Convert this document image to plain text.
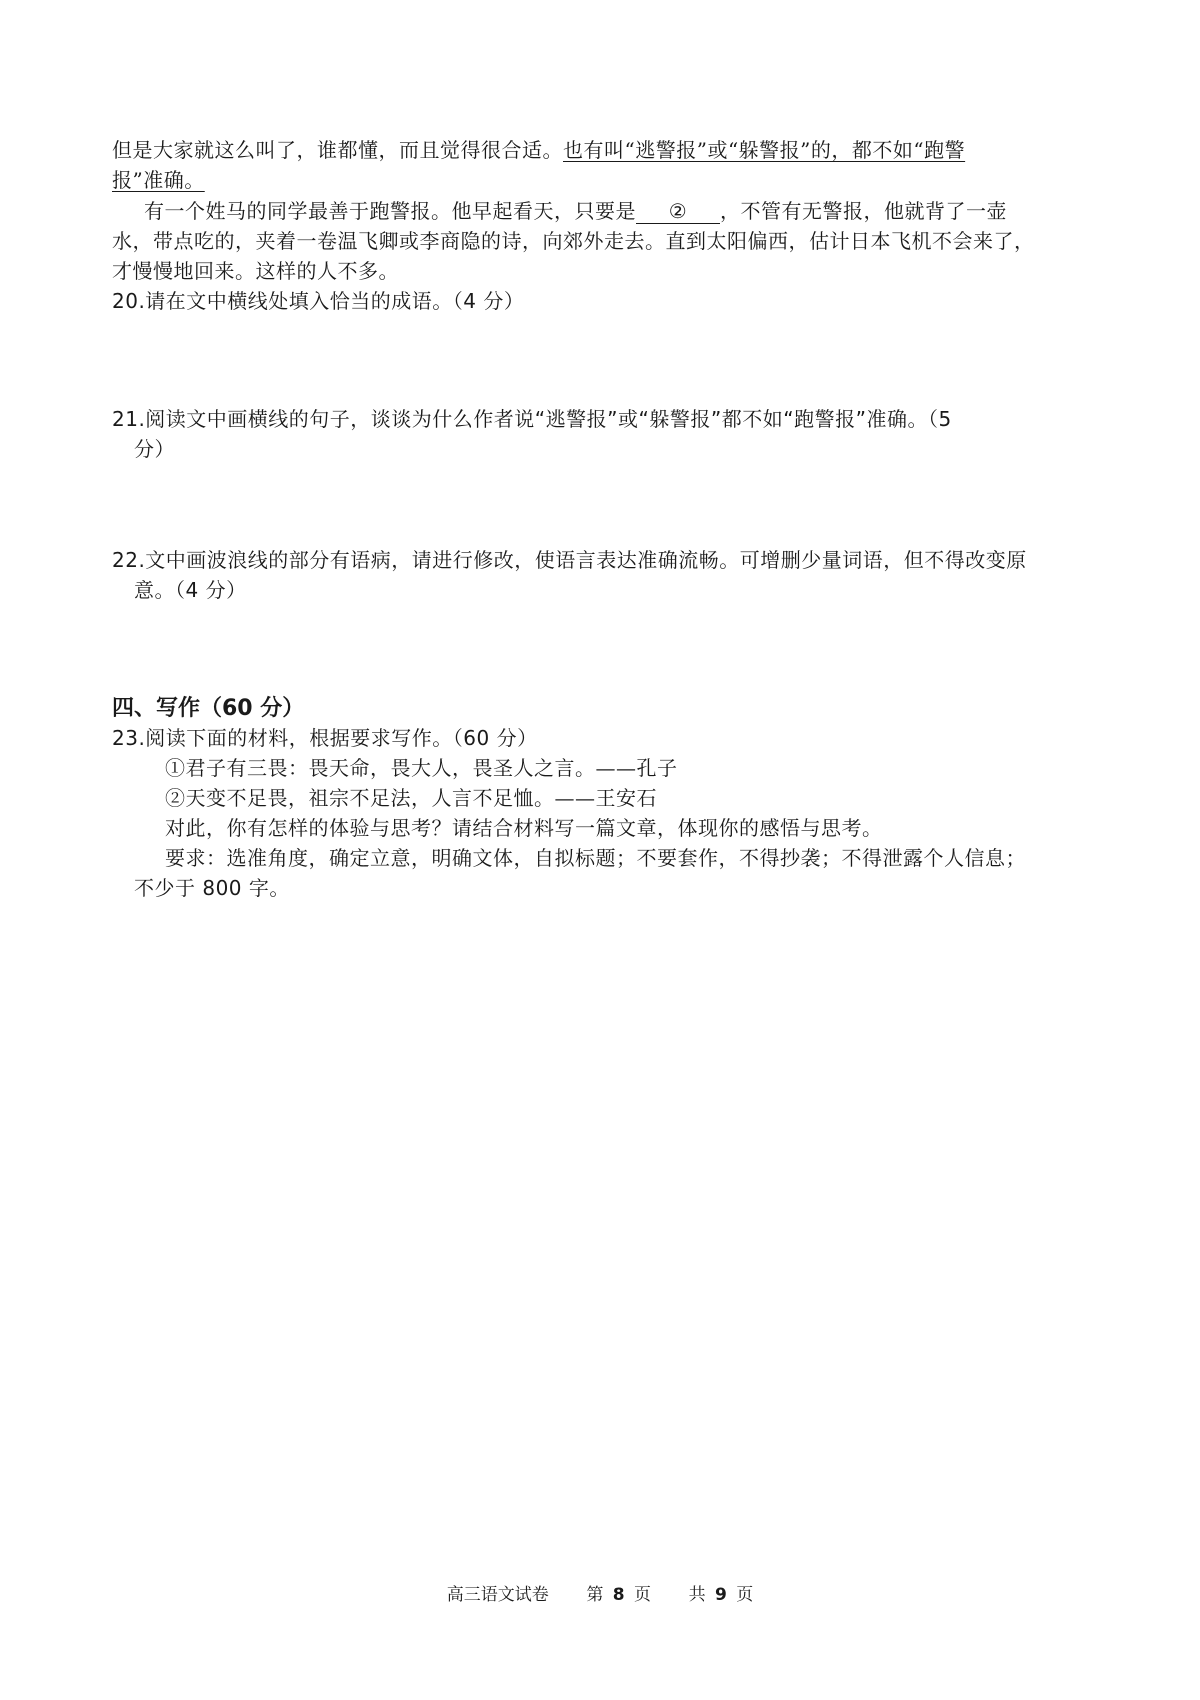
但是大家就这么叫了，谁都懂，而且觉得很合适。也有叫“逃警报”或“躲警报”的，都不如“跑警
报”准确。
有一个姓马的同学最善于跑警报。他早起看天，只要是 ② ，不管有无警报，他就背了一壶
水，带点吃的，夹着一卷温飞卿或李商隐的诗，向郊外走去。直到太阳偏西，估计日本飞机不会来了，
才慢慢地回来。这样的人不多。
20.请在文中横线处填入恰当的成语。（4 分）
21.阅读文中画横线的句子，谈谈为什么作者说“逃警报”或“躲警报”都不如“跑警报”准确。（5
分）
22.文中画波浪线的部分有语病，请进行修改，使语言表达准确流畅。可增删少量词语，但不得改变原
意。（4 分）
四、写作（60 分）
23.阅读下面的材料，根据要求写作。（60 分）
①君子有三畏：畏天命，畏大人，畏圣人之言。——孔子
②天变不足畏，祖宗不足法，人言不足恤。——王安石
对此，你有怎样的体验与思考？请结合材料写一篇文章，体现你的感悟与思考。
要求：选准角度，确定立意，明确文体，自拟标题；不要套作，不得抄袭；不得泄露个人信息；
不少于 800 字。
高三语文试卷 第 8 页 共 9 页
